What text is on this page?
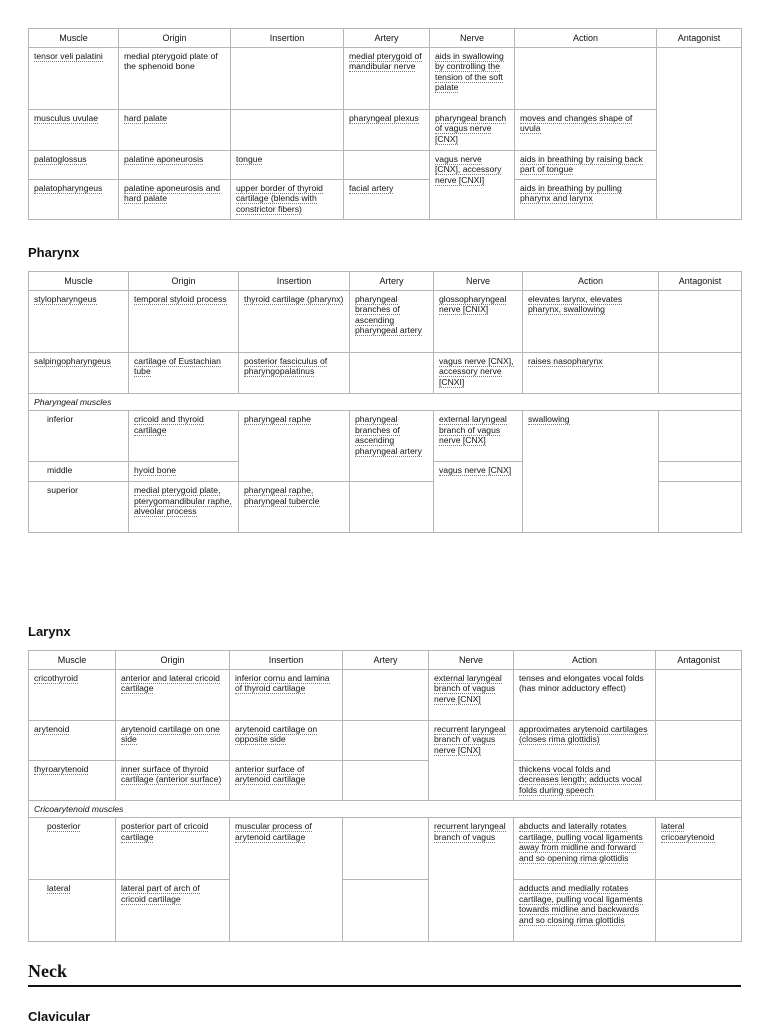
Muscle	Origin	Insertion	Artery	Nerve	Action	Antagonist
tensor veli palatini	medial pterygoid plate of the sphenoid bone		medial pterygoid of mandibular nerve	aids in swallowing by controlling the tension of the soft palate		
musculus uvulae	hard palate		pharyngeal plexus	pharyngeal branch of vagus nerve [CNX]	moves and changes shape of uvula	
palatoglossus	palatine aponeurosis	tongue		vagus nerve [CNX], accessory nerve [CNXI]	aids in breathing by raising back part of tongue	
palatopharyngeus	palatine aponeurosis and hard palate	upper border of thyroid cartilage (blends with constrictor fibers)	facial artery		aids in breathing by pulling pharynx and larynx	
Pharynx
Muscle	Origin	Insertion	Artery	Nerve	Action	Antagonist
stylopharyngeus	temporal styloid process	thyroid cartilage (pharynx)	pharyngeal branches of ascending pharyngeal artery	glossopharyngeal nerve [CNIX]	elevates larynx, elevates pharynx, swallowing	
salpingopharyngeus	cartilage of Eustachian tube	posterior fasciculus of pharyngopalatinus		vagus nerve [CNX], accessory nerve [CNXI]	raises nasopharynx	
Pharyngeal muscles						
inferior	cricoid and thyroid cartilage	pharyngeal raphe	pharyngeal branches of ascending pharyngeal artery	external laryngeal branch of vagus nerve [CNX]	swallowing	
middle	hyoid bone			vagus nerve [CNX]		
superior	medial pterygoid plate, pterygomandibular raphe, alveolar process	pharyngeal raphe, pharyngeal tubercle				
Larynx
Muscle	Origin	Insertion	Artery	Nerve	Action	Antagonist
cricothyroid	anterior and lateral cricoid cartilage	inferior cornu and lamina of thyroid cartilage		external laryngeal branch of vagus nerve [CNX]	tenses and elongates vocal folds (has minor adductory effect)	
arytenoid	arytenoid cartilage on one side	arytenoid cartilage on opposite side		recurrent laryngeal branch of vagus nerve [CNX]	approximates arytenoid cartilages (closes rima glottidis)	
thyroarytenoid	inner surface of thyroid cartilage (anterior surface)	anterior surface of arytenoid cartilage			thickens vocal folds and decreases length; adducts vocal folds during speech	
Cricoarytenoid muscles						
posterior	posterior part of cricoid cartilage	muscular process of arytenoid cartilage		recurrent laryngeal branch of vagus	abducts and laterally rotates cartilage, pulling vocal ligaments away from midline and forward and so opening rima glottidis	lateral cricoarytenoid
lateral	lateral part of arch of cricoid cartilage				adducts and medially rotates cartilage, pulling vocal ligaments towards midline and backwards and so closing rima glottidis	
Neck
Clavicular
